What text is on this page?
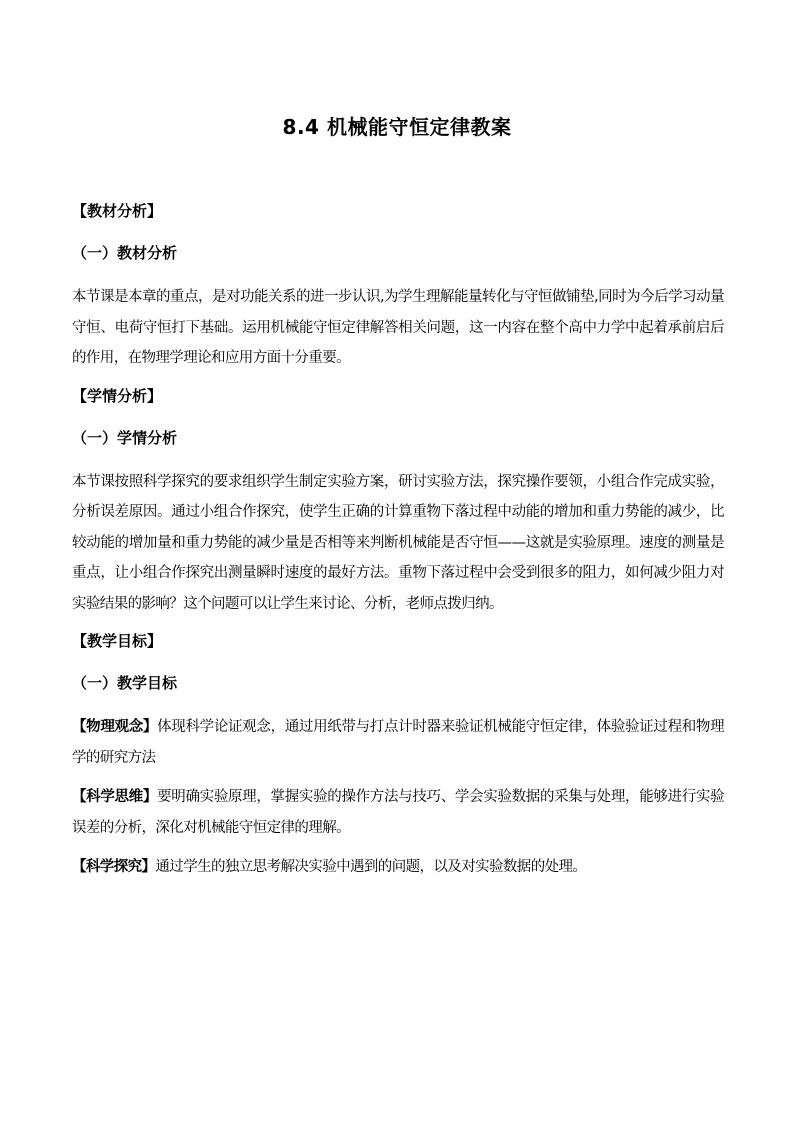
8.4 机械能守恒定律教案
【教材分析】
（一）教材分析
本节课是本章的重点，是对功能关系的进一步认识,为学生理解能量转化与守恒做铺垫,同时为今后学习动量守恒、电荷守恒打下基础。运用机械能守恒定律解答相关问题，这一内容在整个高中力学中起着承前启后的作用，在物理学理论和应用方面十分重要。
【学情分析】
（一）学情分析
本节课按照科学探究的要求组织学生制定实验方案，研讨实验方法，探究操作要领，小组合作完成实验，分析误差原因。通过小组合作探究，使学生正确的计算重物下落过程中动能的增加和重力势能的减少，比较动能的增加量和重力势能的减少量是否相等来判断机械能是否守恒——这就是实验原理。速度的测量是重点，让小组合作探究出测量瞬时速度的最好方法。重物下落过程中会受到很多的阻力，如何减少阻力对实验结果的影响？这个问题可以让学生来讨论、分析，老师点拨归纳。
【教学目标】
（一）教学目标
【物理观念】体现科学论证观念，通过用纸带与打点计时器来验证机械能守恒定律，体验验证过程和物理学的研究方法
【科学思维】要明确实验原理，掌握实验的操作方法与技巧、学会实验数据的采集与处理，能够进行实验误差的分析，深化对机械能守恒定律的理解。
【科学探究】通过学生的独立思考解决实验中遇到的问题，以及对实验数据的处理。
